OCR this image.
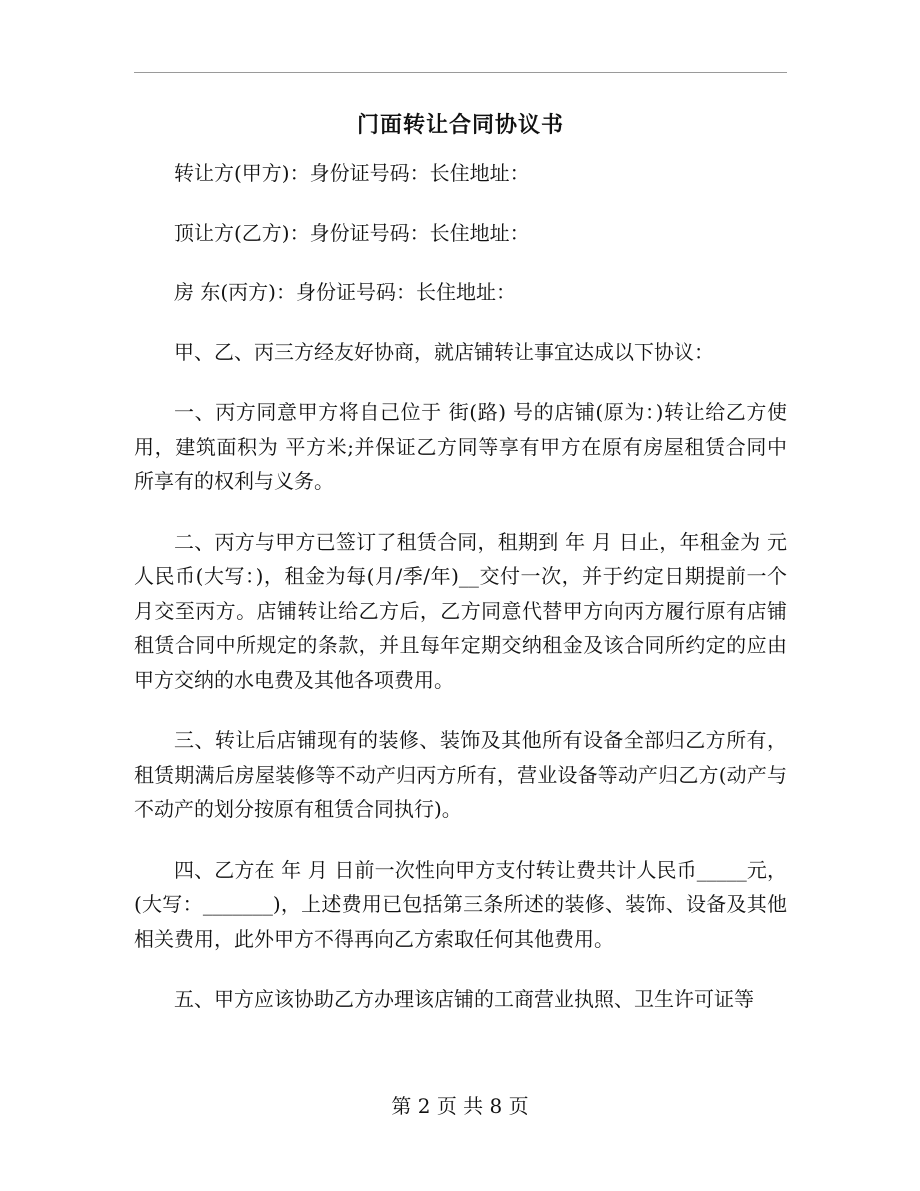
门面转让合同协议书

转让方(甲方)：身份证号码：长住地址：

顶让方(乙方)：身份证号码：长住地址：

房 东(丙方)：身份证号码：长住地址：

甲、乙、丙三方经友好协商，就店铺转让事宜达成以下协议：

一、丙方同意甲方将自己位于 街(路) 号的店铺(原为：)转让给乙方使用，建筑面积为 平方米;并保证乙方同等享有甲方在原有房屋租赁合同中所享有的权利与义务。

二、丙方与甲方已签订了租赁合同，租期到 年 月 日止，年租金为 元人民币(大写：)，租金为每(月/季/年)__交付一次，并于约定日期提前一个月交至丙方。店铺转让给乙方后，乙方同意代替甲方向丙方履行原有店铺租赁合同中所规定的条款，并且每年定期交纳租金及该合同所约定的应由甲方交纳的水电费及其他各项费用。

三、转让后店铺现有的装修、装饰及其他所有设备全部归乙方所有，租赁期满后房屋装修等不动产归丙方所有，营业设备等动产归乙方(动产与不动产的划分按原有租赁合同执行)。

四、乙方在 年 月 日前一次性向甲方支付转让费共计人民币_____元，(大写：_______)，上述费用已包括第三条所述的装修、装饰、设备及其他相关费用，此外甲方不得再向乙方索取任何其他费用。

五、甲方应该协助乙方办理该店铺的工商营业执照、卫生许可证等

第 2 页 共 8 页
